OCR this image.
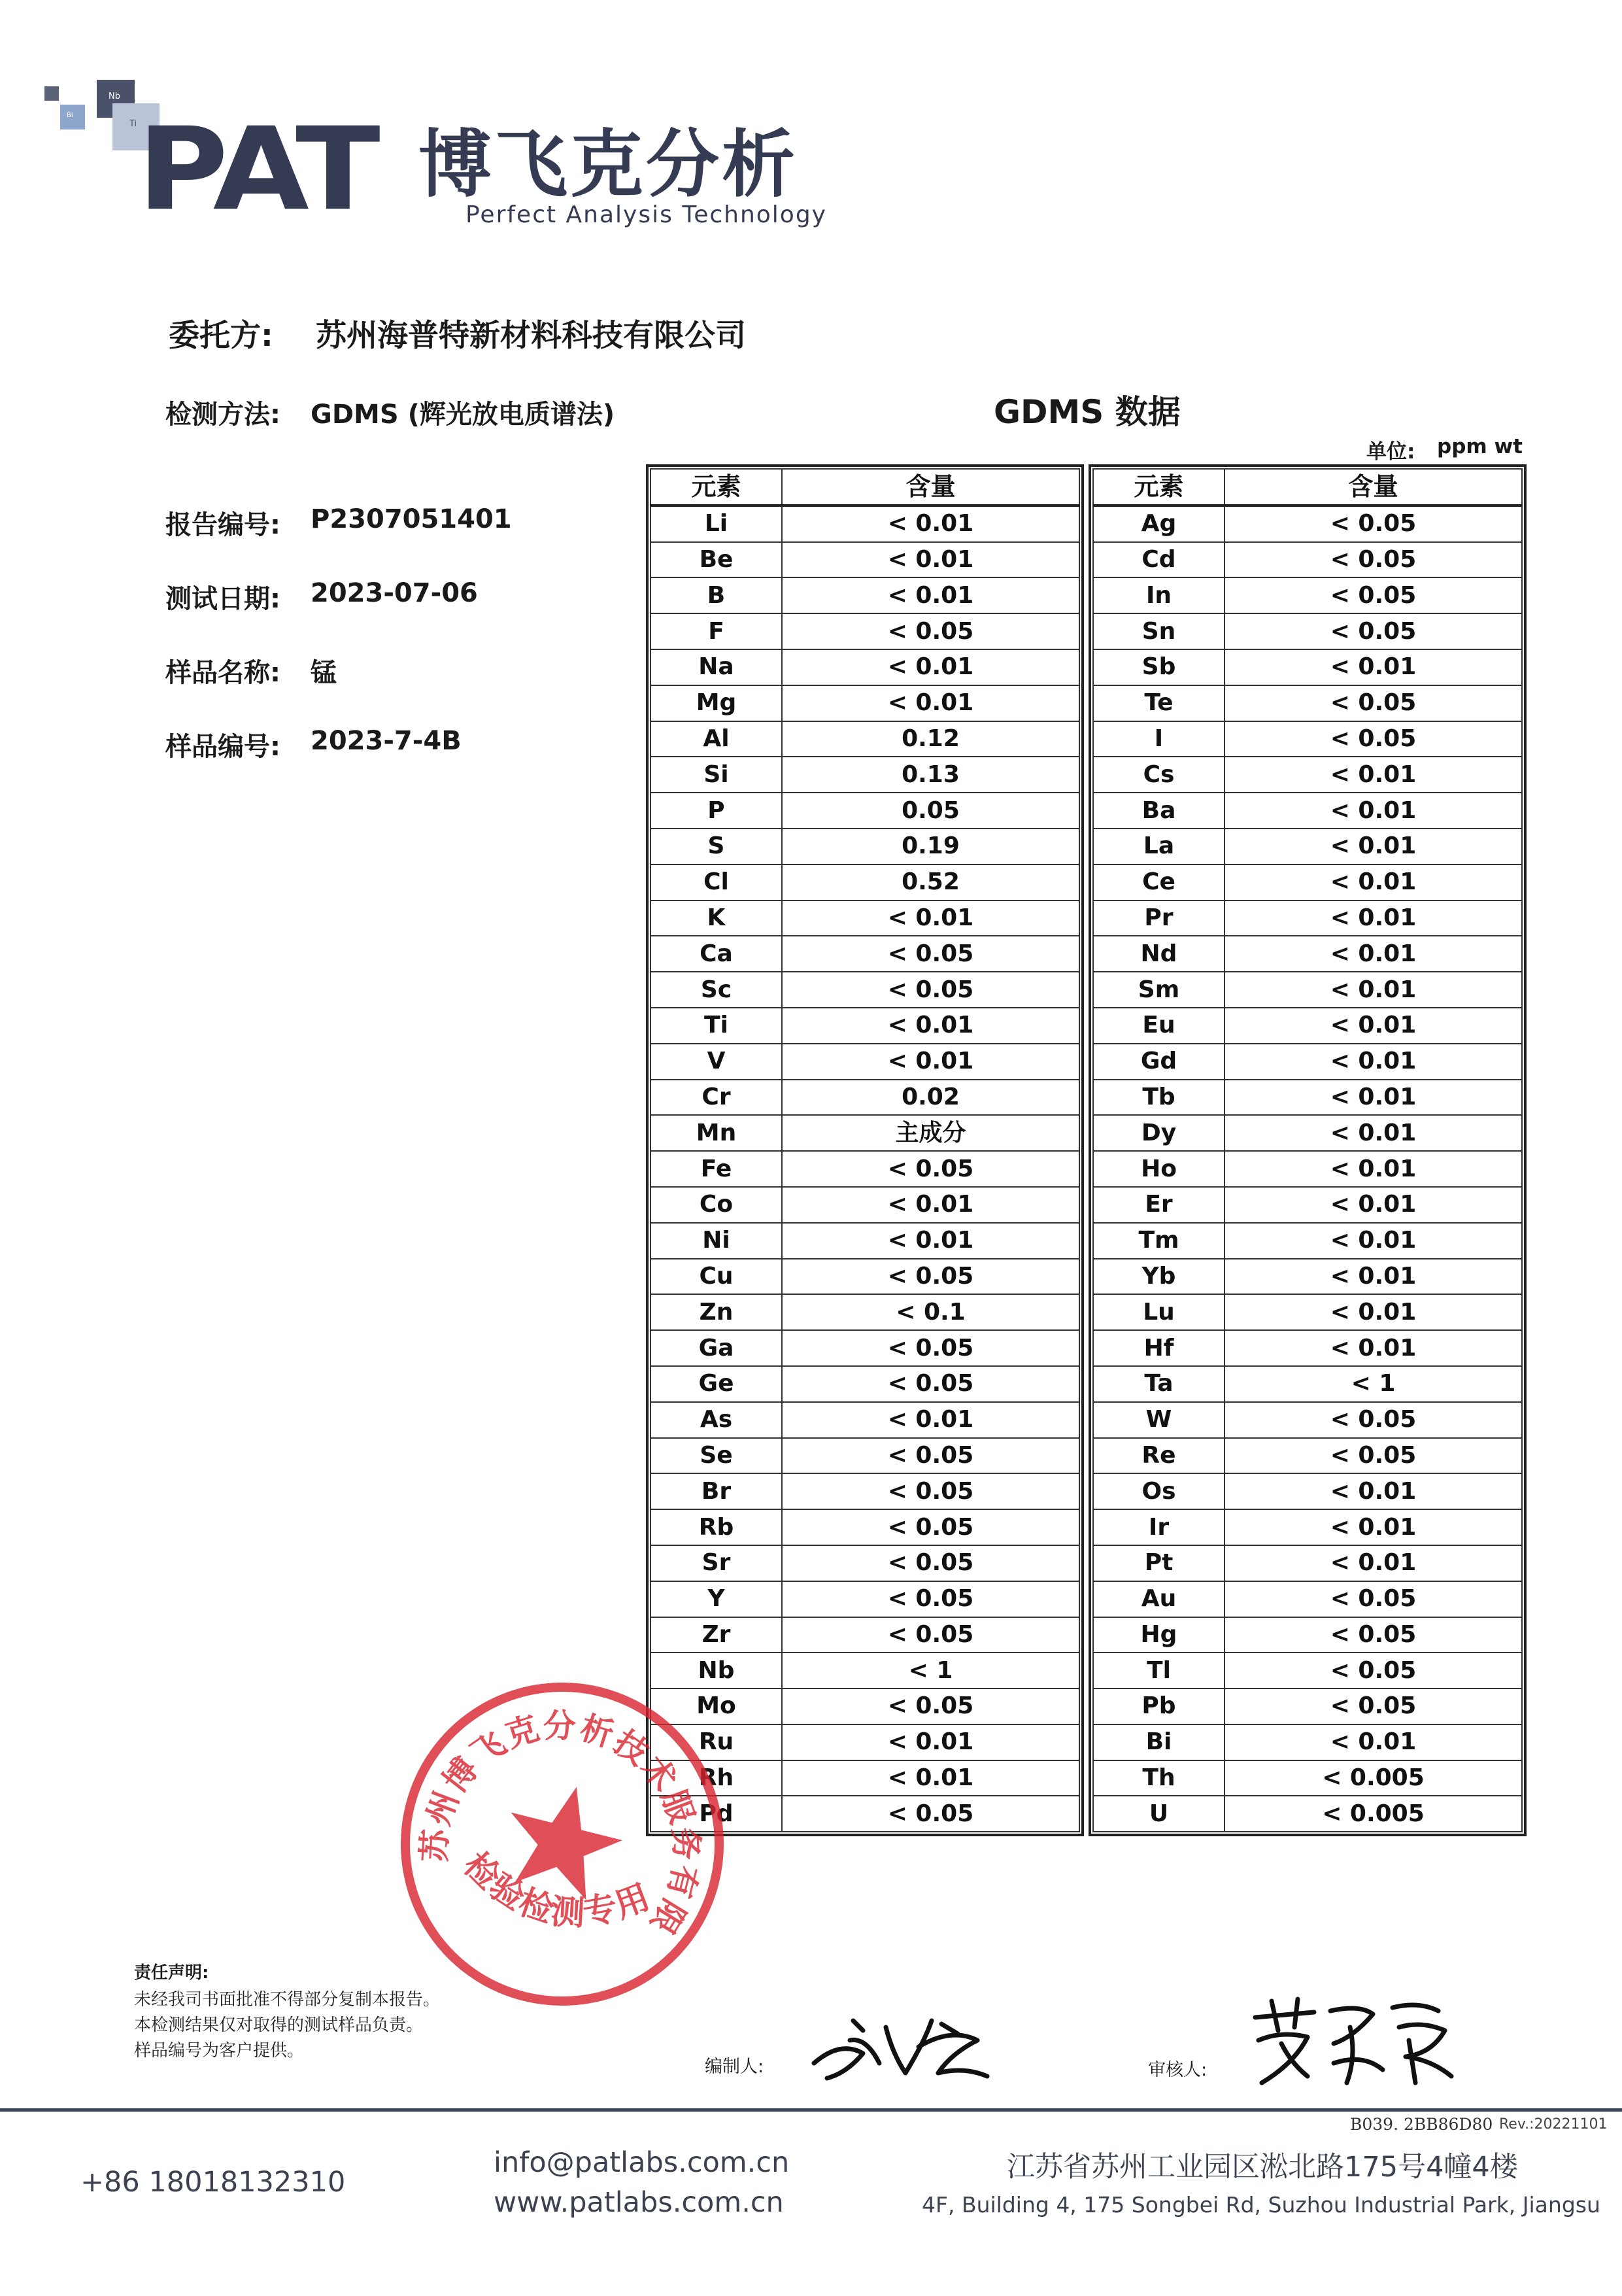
Nb
Bi
Ti PAT 博飞克分析
Perfect Analysis Technology
委托方: 苏州海普特新材料科技有限公司
检测方法: GDMS (辉光放电质谱法)
报告编号: P2307051401
测试日期: 2023-07-06
样品名称: 锰
样品编号: 2023-7-4B
GDMS 数据
单位: ppm wt
元素	含量
Li	< 0.01
Be	< 0.01
B	< 0.01
F	< 0.05
Na	< 0.01
Mg	< 0.01
Al	0.12
Si	0.13
P	0.05
S	0.19
Cl	0.52
K	< 0.01
Ca	< 0.05
Sc	< 0.05
Ti	< 0.01
V	< 0.01
Cr	0.02
Mn	主成分
Fe	< 0.05
Co	< 0.01
Ni	< 0.01
Cu	< 0.05
Zn	< 0.1
Ga	< 0.05
Ge	< 0.05
As	< 0.01
Se	< 0.05
Br	< 0.05
Rb	< 0.05
Sr	< 0.05
Y	< 0.05
Zr	< 0.05
Nb	< 1
Mo	< 0.05
Ru	< 0.01
Rh	< 0.01
Pd	< 0.05
元素	含量
Ag	< 0.05
Cd	< 0.05
In	< 0.05
Sn	< 0.05
Sb	< 0.01
Te	< 0.05
I	< 0.05
Cs	< 0.01
Ba	< 0.01
La	< 0.01
Ce	< 0.01
Pr	< 0.01
Nd	< 0.01
Sm	< 0.01
Eu	< 0.01
Gd	< 0.01
Tb	< 0.01
Dy	< 0.01
Ho	< 0.01
Er	< 0.01
Tm	< 0.01
Yb	< 0.01
Lu	< 0.01
Hf	< 0.01
Ta	< 1
W	< 0.05
Re	< 0.05
Os	< 0.01
Ir	< 0.01
Pt	< 0.01
Au	< 0.05
Hg	< 0.05
Tl	< 0.05
Pb	< 0.05
Bi	< 0.01
Th	< 0.005
U	< 0.005
苏州博飞克分析技术服务有限公司
检验检测专用章
责任声明:
未经我司书面批准不得部分复制本报告。
本检测结果仅对取得的测试样品负责。
样品编号为客户提供。
编制人:	审核人:
B039. 2BB86D80 Rev.:20221101
+86 18018132310
info@patlabs.com.cn
www.patlabs.com.cn
江苏省苏州工业园区淞北路175号4幢4楼
4F, Building 4, 175 Songbei Rd, Suzhou Industrial Park, Jiangsu
